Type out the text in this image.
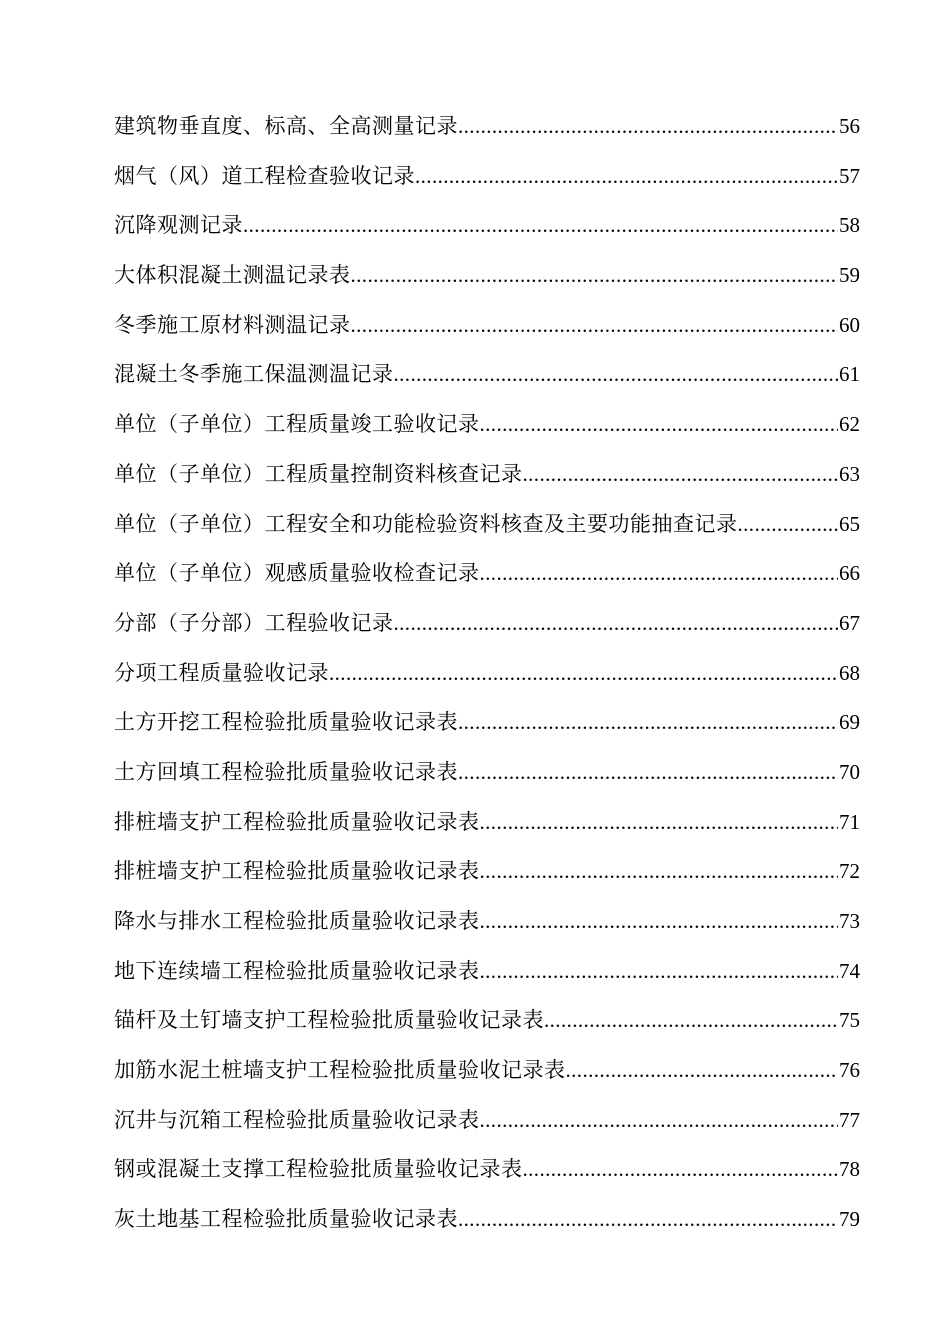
建筑物垂直度、标高、全高测量记录 .....	56
烟气（风）道工程检查验收记录 .....	57
沉降观测记录 .....	58
大体积混凝土测温记录表 .....	59
冬季施工原材料测温记录 .....	60
混凝土冬季施工保温测温记录 .....	61
单位（子单位）工程质量竣工验收记录 .....	62
单位（子单位）工程质量控制资料核查记录 .....	63
单位（子单位）工程安全和功能检验资料核查及主要功能抽查记录 .....	65
单位（子单位）观感质量验收检查记录 .....	66
分部（子分部）工程验收记录 .....	67
分项工程质量验收记录 .....	68
土方开挖工程检验批质量验收记录表 .....	69
土方回填工程检验批质量验收记录表 .....	70
排桩墙支护工程检验批质量验收记录表 .....	71
排桩墙支护工程检验批质量验收记录表 .....	72
降水与排水工程检验批质量验收记录表 .....	73
地下连续墙工程检验批质量验收记录表 .....	74
锚杆及土钉墙支护工程检验批质量验收记录表 .....	75
加筋水泥土桩墙支护工程检验批质量验收记录表 .....	76
沉井与沉箱工程检验批质量验收记录表 .....	77
钢或混凝土支撑工程检验批质量验收记录表 .....	78
灰土地基工程检验批质量验收记录表 .....	79
